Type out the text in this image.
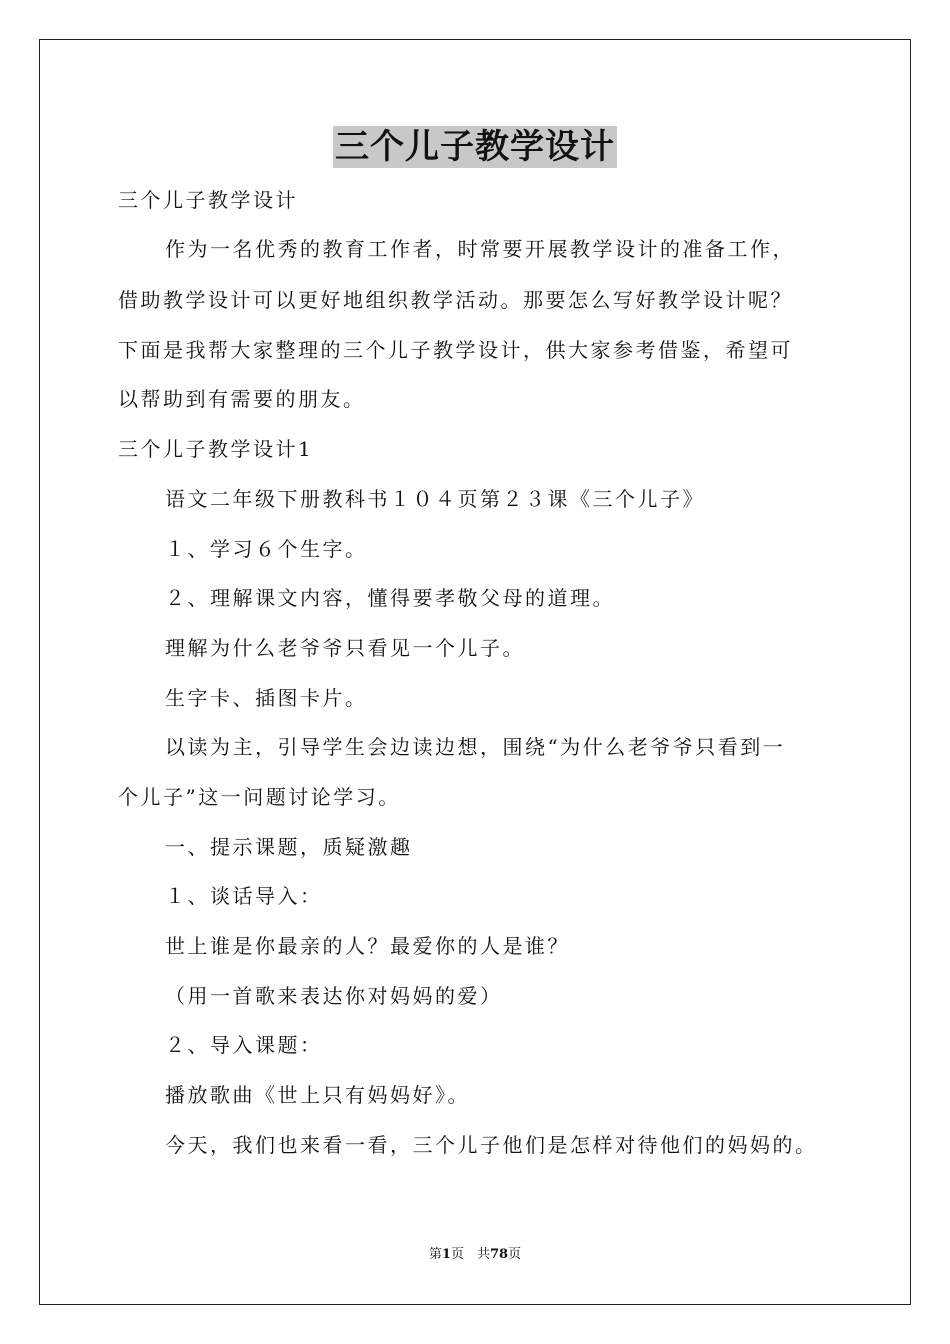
三个儿子教学设计
三个儿子教学设计
作为一名优秀的教育工作者，时常要开展教学设计的准备工作，
借助教学设计可以更好地组织教学活动。那要怎么写好教学设计呢？
下面是我帮大家整理的三个儿子教学设计，供大家参考借鉴，希望可
以帮助到有需要的朋友。
三个儿子教学设计1
语文二年级下册教科书１０４页第２３课《三个儿子》
１、学习６个生字。
２、理解课文内容，懂得要孝敬父母的道理。
理解为什么老爷爷只看见一个儿子。
生字卡、插图卡片。
以读为主，引导学生会边读边想，围绕“为什么老爷爷只看到一
个儿子”这一问题讨论学习。
一、提示课题，质疑激趣
１、谈话导入：
世上谁是你最亲的人？最爱你的人是谁？
（用一首歌来表达你对妈妈的爱）
２、导入课题：
播放歌曲《世上只有妈妈好》。
今天，我们也来看一看，三个儿子他们是怎样对待他们的妈妈的。
第1页　共78页
